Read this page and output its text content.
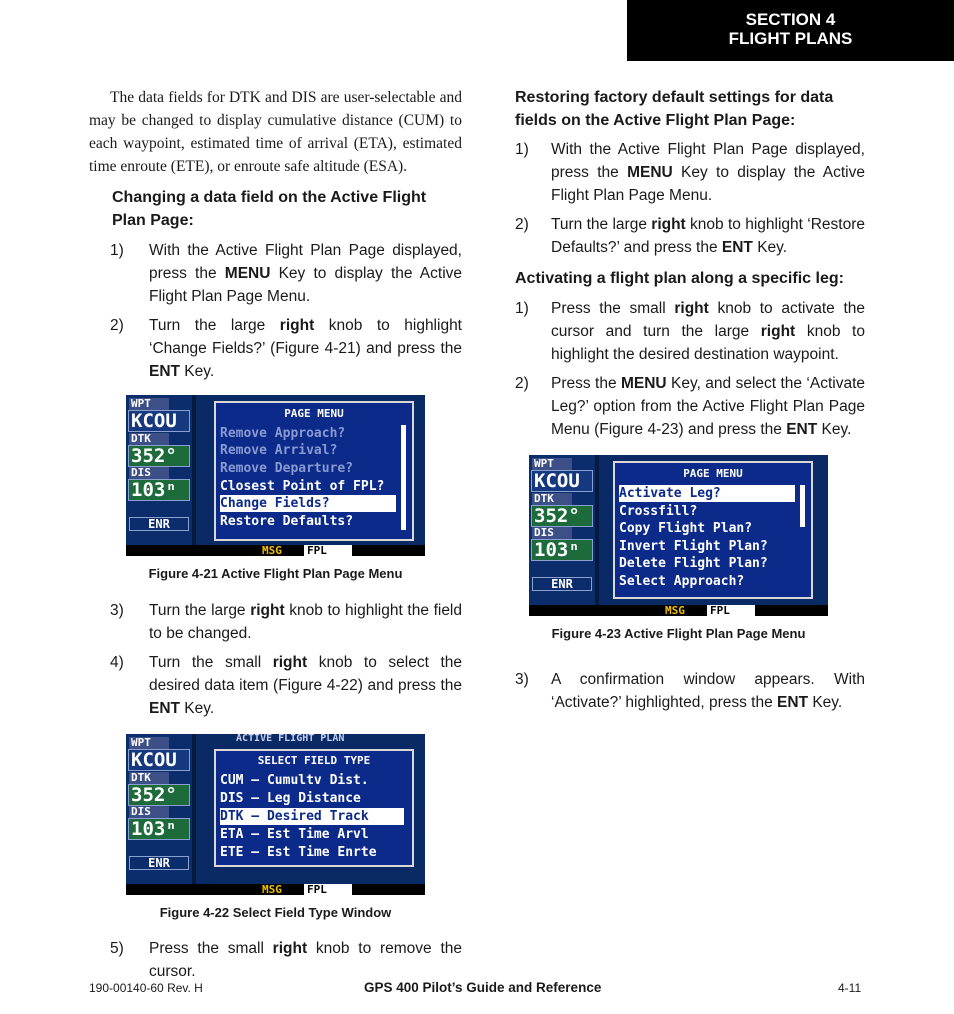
SECTION 4
FLIGHT PLANS

The data fields for DTK and DIS are user-selectable and may be changed to display cumulative distance (CUM) to each waypoint, estimated time of arrival (ETA), estimated time enroute (ETE), or enroute safe altitude (ESA).

Changing a data field on the Active Flight Plan Page:
1) With the Active Flight Plan Page displayed, press the MENU Key to display the Active Flight Plan Page Menu.
2) Turn the large right knob to highlight ‘Change Fields?’ (Figure 4-21) and press the ENT Key.
WPT
KCOU
DTK
352°
DIS
103ⁿ
ENR
PAGE MENU
Remove Approach?
Remove Arrival?
Remove Departure?
Closest Point of FPL?
Change Fields?
Restore Defaults?
MSG FPL
Figure 4-21 Active Flight Plan Page Menu
3) Turn the large right knob to highlight the field to be changed.
4) Turn the small right knob to select the desired data item (Figure 4-22) and press the ENT Key.
WPT
KCOU
DTK
352°
DIS
103ⁿ
ENR
ACTIVE FLIGHT PLAN
SELECT FIELD TYPE
CUM – Cumultv Dist.
DIS – Leg Distance
DTK – Desired Track
ETA – Est Time Arvl
ETE – Est Time Enrte
MSG FPL
Figure 4-22 Select Field Type Window
5) Press the small right knob to remove the cursor.
Restoring factory default settings for data fields on the Active Flight Plan Page:
1) With the Active Flight Plan Page displayed, press the MENU Key to display the Active Flight Plan Page Menu.
2) Turn the large right knob to highlight ‘Restore Defaults?’ and press the ENT Key.
Activating a flight plan along a specific leg:
1) Press the small right knob to activate the cursor and turn the large right knob to highlight the desired destination waypoint.
2) Press the MENU Key, and select the ‘Activate Leg?’ option from the Active Flight Plan Page Menu (Figure 4-23) and press the ENT Key.
WPT
KCOU
DTK
352°
DIS
103ⁿ
ENR
PAGE MENU
Activate Leg?
Crossfill?
Copy Flight Plan?
Invert Flight Plan?
Delete Flight Plan?
Select Approach?
MSG FPL
Figure 4-23 Active Flight Plan Page Menu
3) A confirmation window appears. With ‘Activate?’ highlighted, press the ENT Key.
190-00140-60 Rev. H	GPS 400 Pilot’s Guide and Reference	4-11
